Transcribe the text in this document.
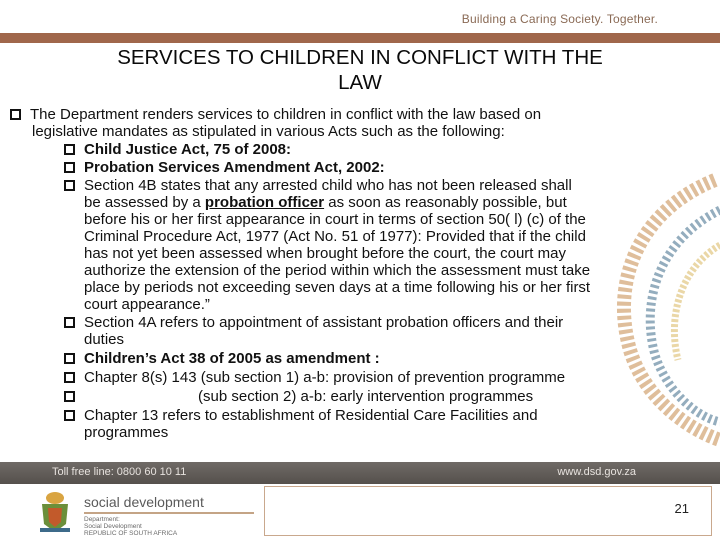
Building a Caring Society. Together.
SERVICES TO CHILDREN IN CONFLICT WITH THE
LAW
The Department renders services to children in conflict with the law based on
legislative mandates as stipulated in various Acts such as the following:
Child Justice Act, 75 of 2008:
Probation Services Amendment Act, 2002:
Section 4B states that any arrested child who has not been released shall
be assessed by a probation officer as soon as reasonably possible, but
before his or her first appearance in court in terms of section 50( l) (c) of the
Criminal Procedure Act, 1977 (Act No. 51 of 1977): Provided that if the child
has not yet been assessed when brought before the court, the court may
authorize the extension of the period within which the assessment must take
place by periods not exceeding seven days at a time following his or her first
court appearance.”
Section 4A refers to appointment of assistant probation officers and their
duties
Children’s Act 38 of 2005 as amendment :
Chapter 8(s) 143 (sub section 1) a-b: provision of prevention programme
(sub section 2) a-b: early intervention programmes
Chapter 13 refers to establishment of Residential Care Facilities and
programmes
Toll free line: 0800 60 10 11	www.dsd.gov.za
social development
Department:
Social Development
REPUBLIC OF SOUTH AFRICA
21
